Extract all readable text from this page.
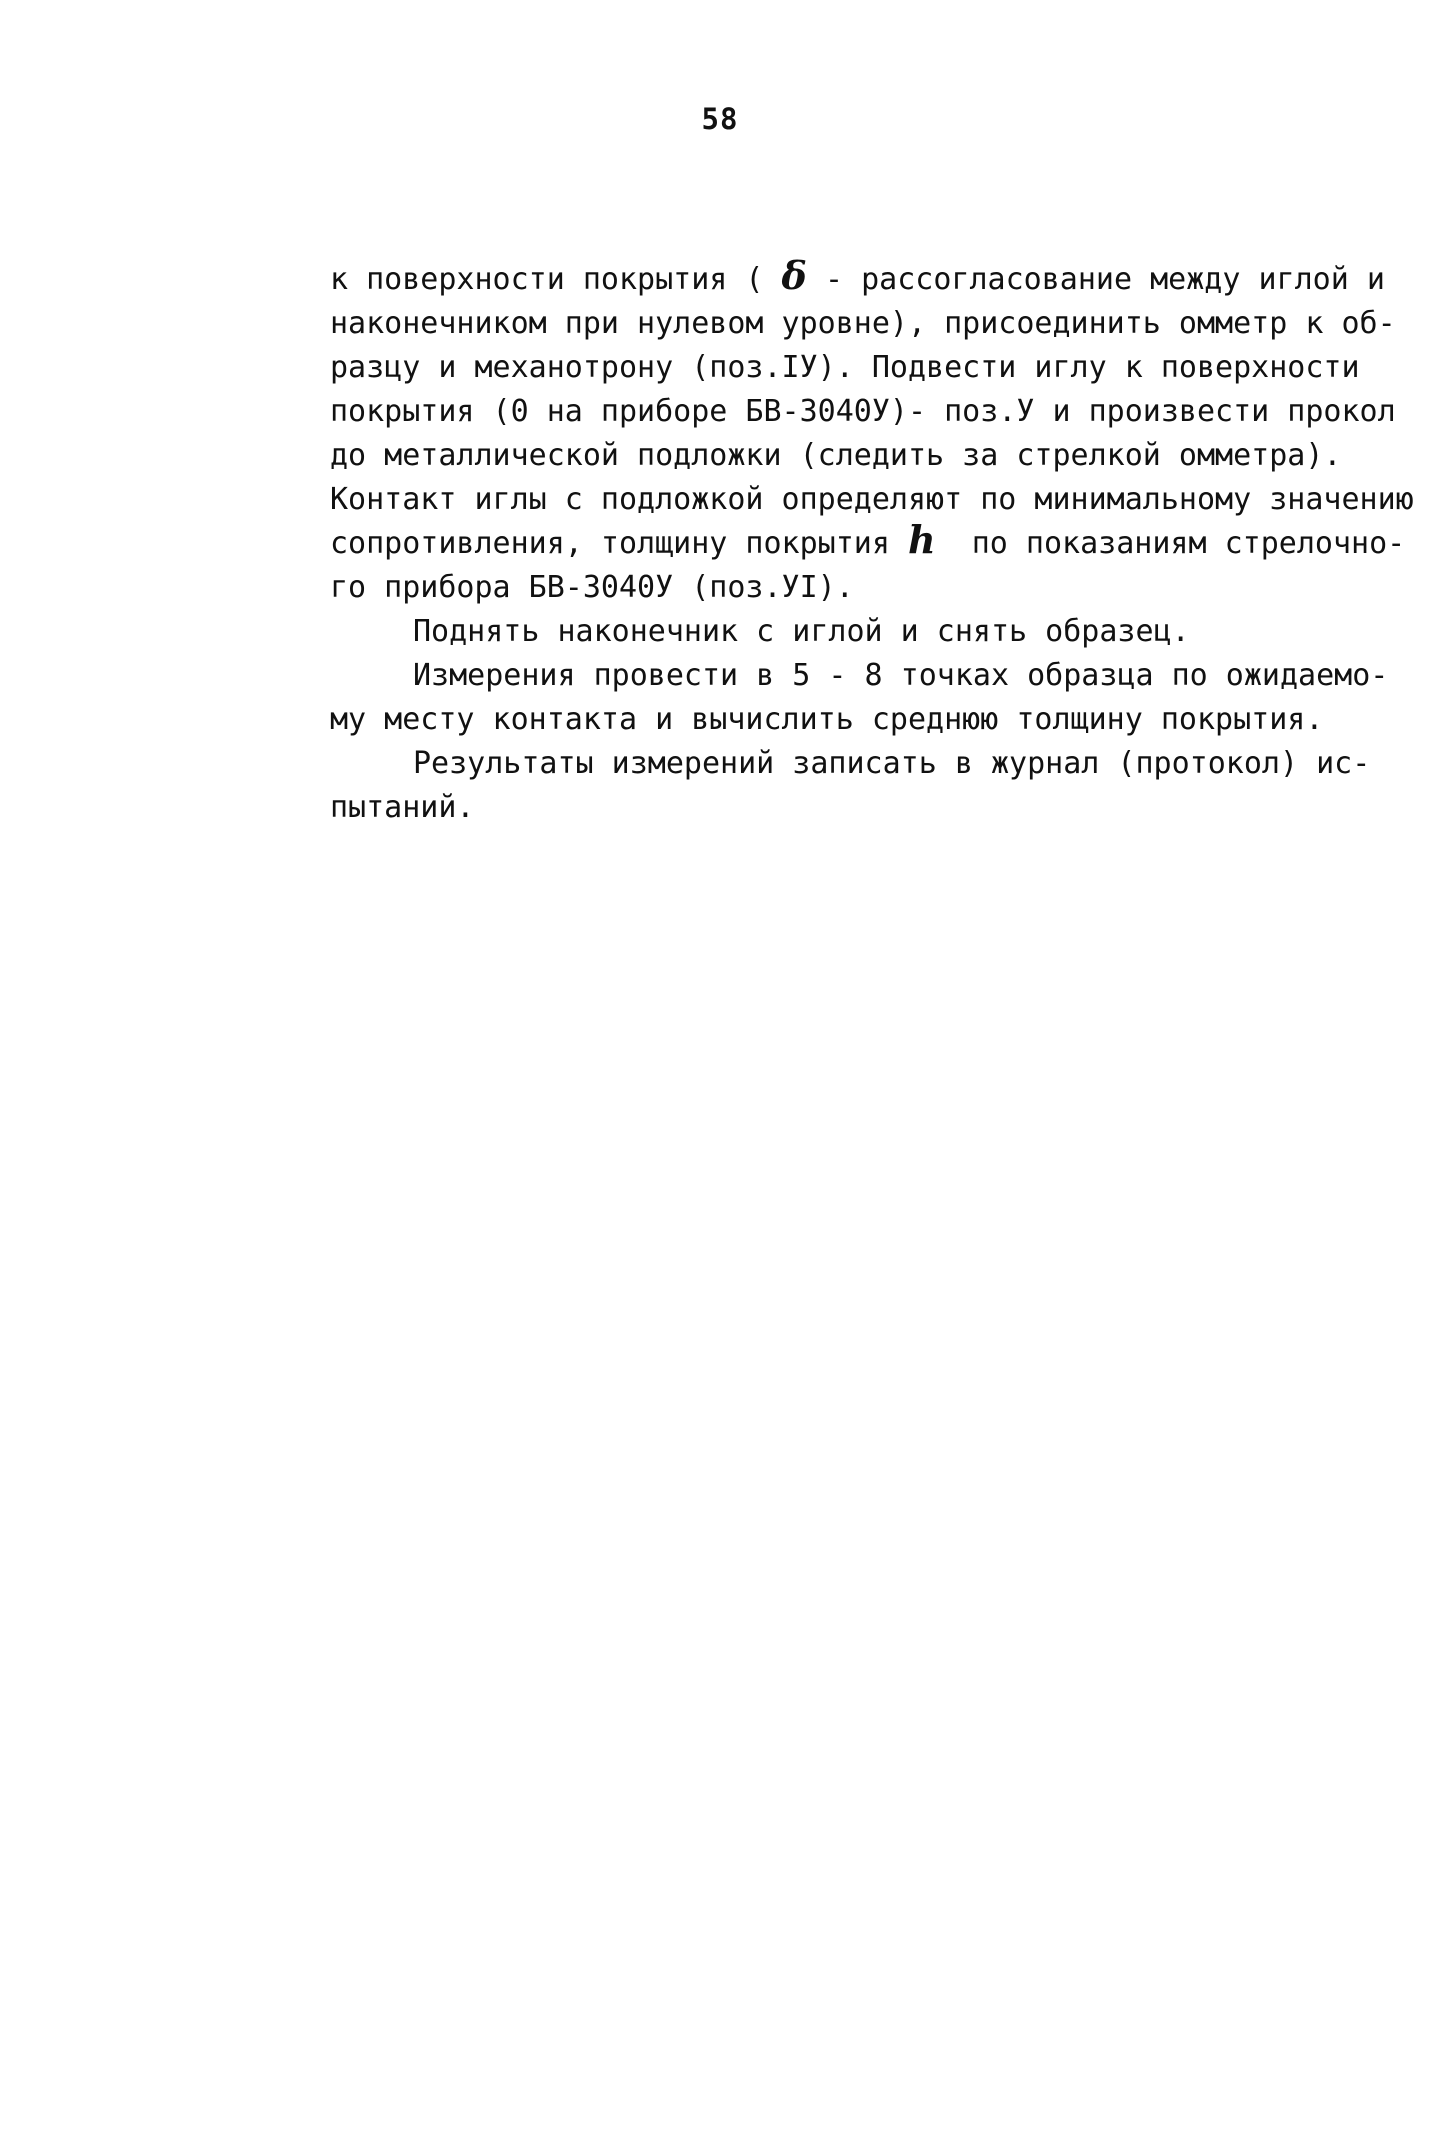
58
к поверхности покрытия ( δ - рассогласование между иглой и
наконечником при нулевом уровне), присоединить омметр к об-
разцу и механотрону (поз.IУ). Подвести иглу к поверхности
покрытия (0 на приборе БВ-3040У)- поз.У и произвести прокол
до металлической подложки (следить за стрелкой омметра).
Контакт иглы с подложкой определяют по минимальному значению
сопротивления, толщину покрытия h  по показаниям стрелочно-
го прибора БВ-3040У (поз.УI).
Поднять наконечник с иглой и снять образец.
Измерения провести в 5 - 8 точках образца по ожидаемо-
му месту контакта и вычислить среднюю толщину покрытия.
Результаты измерений записать в журнал (протокол) ис-
пытаний.
